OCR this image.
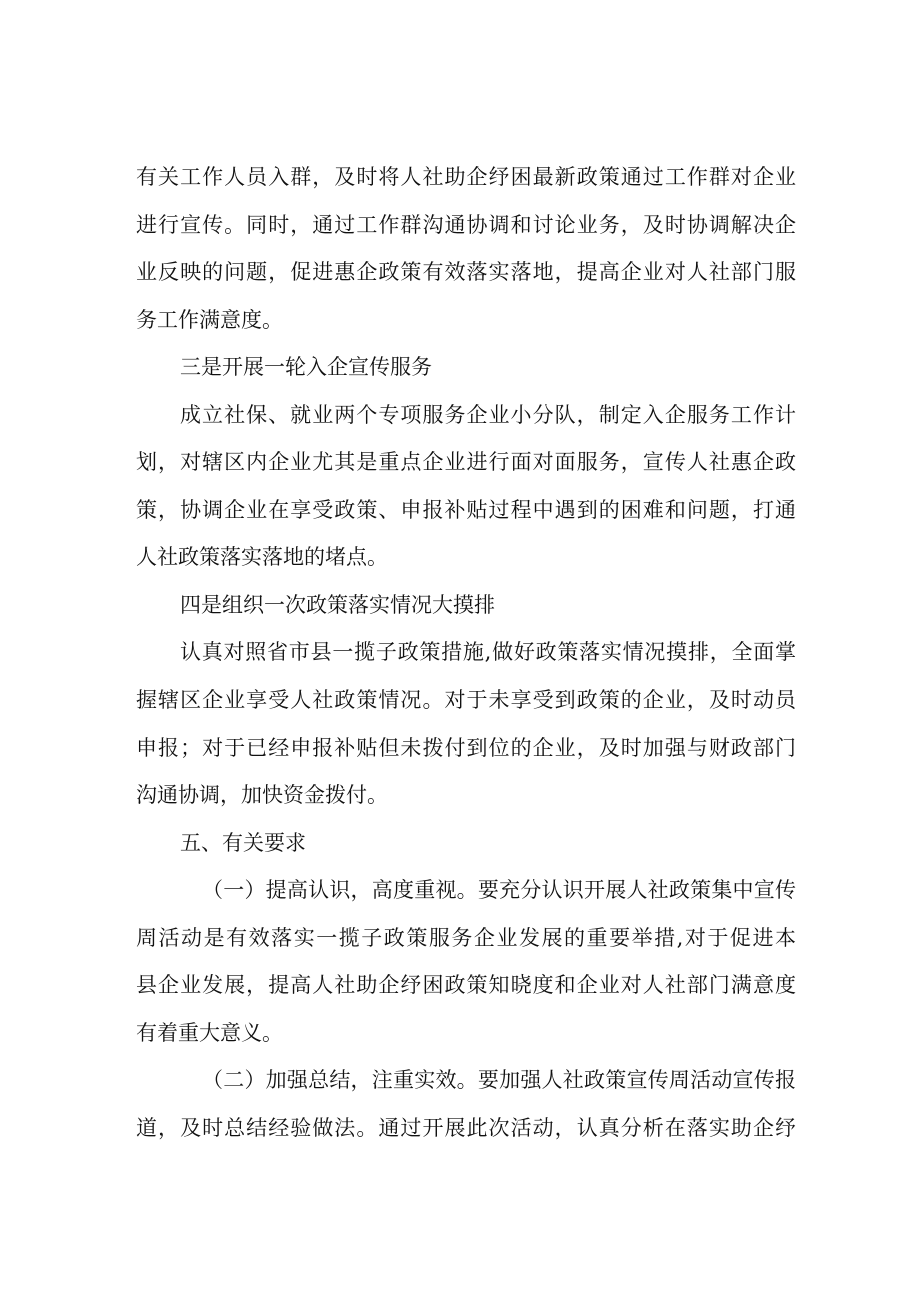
有关工作人员入群，及时将人社助企纾困最新政策通过工作群对企业
进行宣传。同时，通过工作群沟通协调和讨论业务，及时协调解决企
业反映的问题，促进惠企政策有效落实落地，提高企业对人社部门服
务工作满意度。
三是开展一轮入企宣传服务
成立社保、就业两个专项服务企业小分队，制定入企服务工作计
划，对辖区内企业尤其是重点企业进行面对面服务，宣传人社惠企政
策，协调企业在享受政策、申报补贴过程中遇到的困难和问题，打通
人社政策落实落地的堵点。
四是组织一次政策落实情况大摸排
认真对照省市县一揽子政策措施,做好政策落实情况摸排，全面掌
握辖区企业享受人社政策情况。对于未享受到政策的企业，及时动员
申报；对于已经申报补贴但未拨付到位的企业，及时加强与财政部门
沟通协调，加快资金拨付。
五、有关要求
（一）提高认识，高度重视。要充分认识开展人社政策集中宣传
周活动是有效落实一揽子政策服务企业发展的重要举措,对于促进本
县企业发展，提高人社助企纾困政策知晓度和企业对人社部门满意度
有着重大意义。
（二）加强总结，注重实效。要加强人社政策宣传周活动宣传报
道，及时总结经验做法。通过开展此次活动，认真分析在落实助企纾
